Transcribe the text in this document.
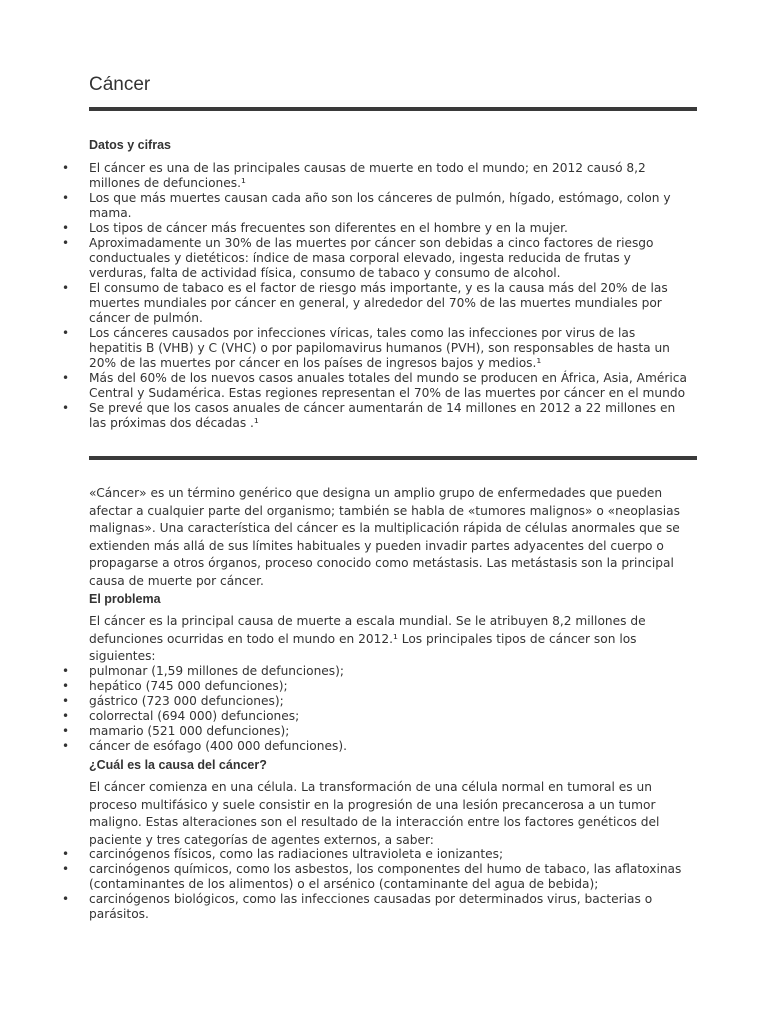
Cáncer
Datos y cifras
• El cáncer es una de las principales causas de muerte en todo el mundo; en 2012 causó 8,2 millones de defunciones.¹
• Los que más muertes causan cada año son los cánceres de pulmón, hígado, estómago, colon y mama.
• Los tipos de cáncer más frecuentes son diferentes en el hombre y en la mujer.
• Aproximadamente un 30% de las muertes por cáncer son debidas a cinco factores de riesgo conductuales y dietéticos: índice de masa corporal elevado, ingesta reducida de frutas y verduras, falta de actividad física, consumo de tabaco y consumo de alcohol.
• El consumo de tabaco es el factor de riesgo más importante, y es la causa más del 20% de las muertes mundiales por cáncer en general, y alrededor del 70% de las muertes mundiales por cáncer de pulmón.
• Los cánceres causados por infecciones víricas, tales como las infecciones por virus de las hepatitis B (VHB) y C (VHC) o por papilomavirus humanos (PVH), son responsables de hasta un 20% de las muertes por cáncer en los países de ingresos bajos y medios.¹
• Más del 60% de los nuevos casos anuales totales del mundo se producen en África, Asia, América Central y Sudamérica. Estas regiones representan el 70% de las muertes por cáncer en el mundo
• Se prevé que los casos anuales de cáncer aumentarán de 14 millones en 2012 a 22 millones en las próximas dos décadas .¹

«Cáncer» es un término genérico que designa un amplio grupo de enfermedades que pueden afectar a cualquier parte del organismo; también se habla de «tumores malignos» o «neoplasias malignas». Una característica del cáncer es la multiplicación rápida de células anormales que se extienden más allá de sus límites habituales y pueden invadir partes adyacentes del cuerpo o propagarse a otros órganos, proceso conocido como metástasis. Las metástasis son la principal causa de muerte por cáncer.

El problema

El cáncer es la principal causa de muerte a escala mundial. Se le atribuyen 8,2 millones de defunciones ocurridas en todo el mundo en 2012.¹ Los principales tipos de cáncer son los siguientes:

• pulmonar (1,59 millones de defunciones);
• hepático (745 000 defunciones);
• gástrico (723 000 defunciones);
• colorrectal (694 000) defunciones;
• mamario (521 000 defunciones);
• cáncer de esófago (400 000 defunciones).
¿Cuál es la causa del cáncer?

El cáncer comienza en una célula. La transformación de una célula normal en tumoral es un proceso multifásico y suele consistir en la progresión de una lesión precancerosa a un tumor maligno. Estas alteraciones son el resultado de la interacción entre los factores genéticos del paciente y tres categorías de agentes externos, a saber:

• carcinógenos físicos, como las radiaciones ultravioleta e ionizantes;
• carcinógenos químicos, como los asbestos, los componentes del humo de tabaco, las aflatoxinas (contaminantes de los alimentos) o el arsénico (contaminante del agua de bebida);
• carcinógenos biológicos, como las infecciones causadas por determinados virus, bacterias o parásitos.
